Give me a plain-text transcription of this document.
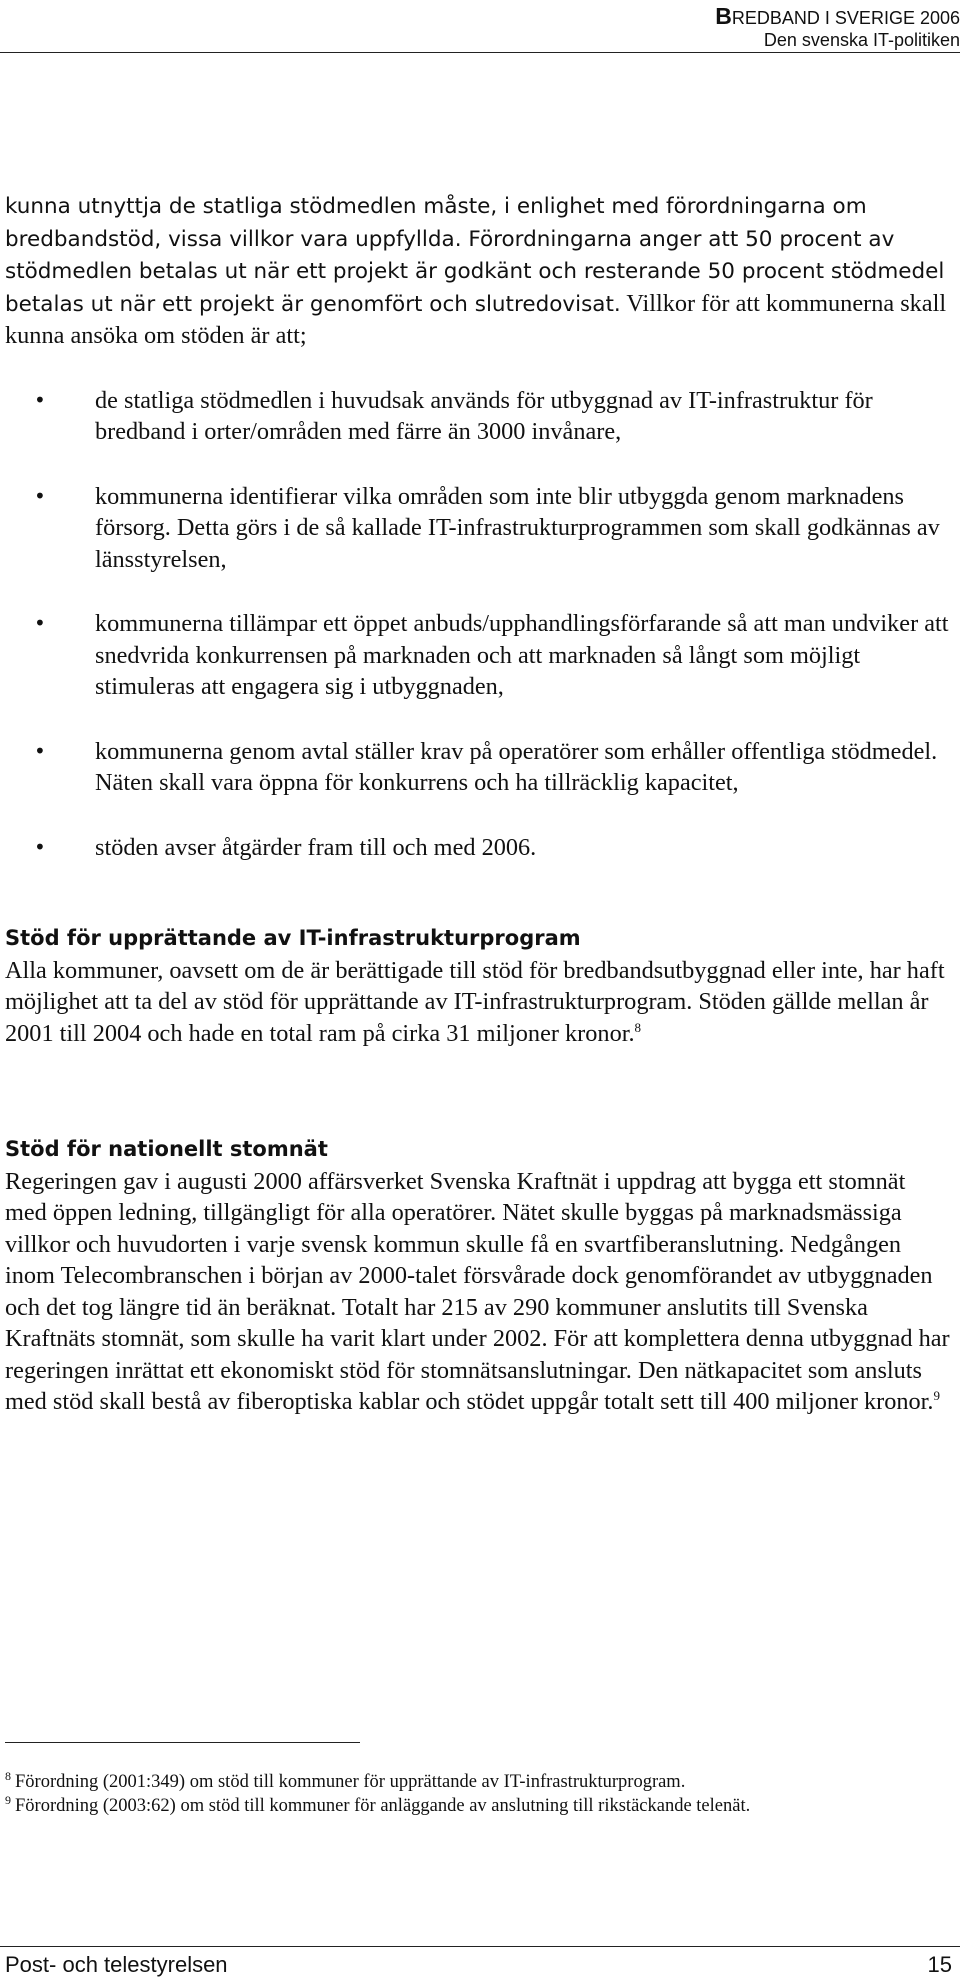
BREDBAND I SVERIGE 2006
Den svenska IT-politiken

kunna utnyttja de statliga stödmedlen måste, i enlighet med förordningarna om bredbandstöd, vissa villkor vara uppfyllda. Förordningarna anger att 50 procent av stödmedlen betalas ut när ett projekt är godkänt och resterande 50 procent stödmedel betalas ut när ett projekt är genomfört och slutredovisat. Villkor för att kommunerna skall kunna ansöka om stöden är att;

• de statliga stödmedlen i huvudsak används för utbyggnad av IT-infrastruktur för bredband i orter/områden med färre än 3000 invånare,
• kommunerna identifierar vilka områden som inte blir utbyggda genom marknadens försorg. Detta görs i de så kallade IT-infrastrukturprogrammen som skall godkännas av länsstyrelsen,
• kommunerna tillämpar ett öppet anbuds/upphandlingsförfarande så att man undviker att snedvrida konkurrensen på marknaden och att marknaden så långt som möjligt stimuleras att engagera sig i utbyggnaden,
• kommunerna genom avtal ställer krav på operatörer som erhåller offentliga stödmedel. Näten skall vara öppna för konkurrens och ha tillräcklig kapacitet,
• stöden avser åtgärder fram till och med 2006.
Stöd för upprättande av IT-infrastrukturprogram

Alla kommuner, oavsett om de är berättigade till stöd för bredbandsutbyggnad eller inte, har haft möjlighet att ta del av stöd för upprättande av IT-infrastrukturprogram. Stöden gällde mellan år 2001 till 2004 och hade en total ram på cirka 31 miljoner kronor.$^8$

Stöd för nationellt stomnät

Regeringen gav i augusti 2000 affärsverket Svenska Kraftnät i uppdrag att bygga ett stomnät med öppen ledning, tillgängligt för alla operatörer. Nätet skulle byggas på marknadsmässiga villkor och huvudorten i varje svensk kommun skulle få en svartfiberanslutning. Nedgången inom Telecombranschen i början av 2000-talet försvårade dock genomförandet av utbyggnaden och det tog längre tid än beräknat. Totalt har 215 av 290 kommuner anslutits till Svenska Kraftnäts stomnät, som skulle ha varit klart under 2002. För att komplettera denna utbyggnad har regeringen inrättat ett ekonomiskt stöd för stomnätsanslutningar. Den nätkapacitet som ansluts med stöd skall bestå av fiberoptiska kablar och stödet uppgår totalt sett till 400 miljoner kronor.$^9$

$^8$ Förordning (2001:349) om stöd till kommuner för upprättande av IT-infrastrukturprogram.

$^9$ Förordning (2003:62) om stöd till kommuner för anläggande av anslutning till rikstäckande telenät.

Post- och telestyrelsen	15
